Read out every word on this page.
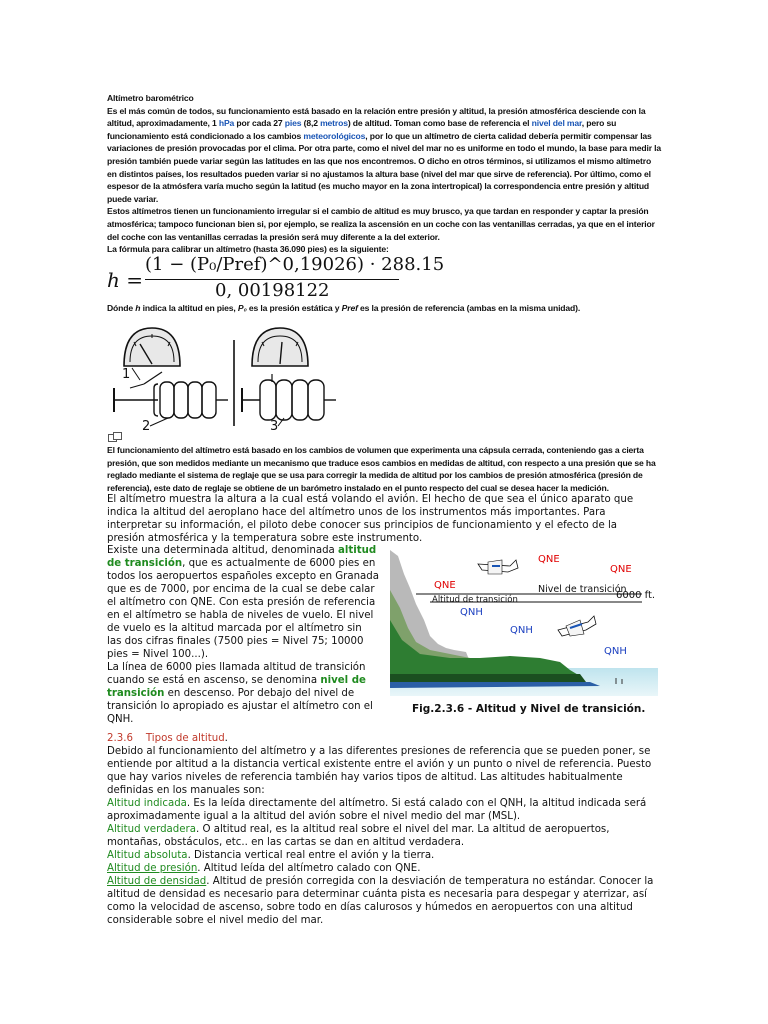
Altímetro barométrico

Es el más común de todos, su funcionamiento está basado en la relación entre presión y altitud, la presión atmosférica desciende con la altitud, aproximadamente, 1 hPa por cada 27 pies (8,2 metros) de altitud. Toman como base de referencia el nivel del mar, pero su funcionamiento está condicionado a los cambios meteorológicos, por lo que un altímetro de cierta calidad debería permitir compensar las variaciones de presión provocadas por el clima. Por otra parte, como el nivel del mar no es uniforme en todo el mundo, la base para medir la presión también puede variar según las latitudes en las que nos encontremos. O dicho en otros términos, si utilizamos el mismo altímetro en distintos países, los resultados pueden variar si no ajustamos la altura base (nivel del mar que sirve de referencia). Por último, como el espesor de la atmósfera varía mucho según la latitud (es mucho mayor en la zona intertropical) la correspondencia entre presión y altitud puede variar.

Estos altímetros tienen un funcionamiento irregular si el cambio de altitud es muy brusco, ya que tardan en responder y captar la presión atmosférica; tampoco funcionan bien si, por ejemplo, se realiza la ascensión en un coche con las ventanillas cerradas, ya que en el interior del coche con las ventanillas cerradas la presión será muy diferente a la del exterior.

La fórmula para calibrar un altímetro (hasta 36.090 pies) es la siguiente:

h =
(1 − (P₀/Pref)^0,19026) · 288.15
0, 00198122
Dónde h indica la altitud en pies, P₀ es la presión estática y Pref es la presión de referencia (ambas en la misma unidad).
1
2	3
El funcionamiento del altímetro está basado en los cambios de volumen que experimenta una cápsula cerrada, conteniendo gas a cierta presión, que son medidos mediante un mecanismo que traduce esos cambios en medidas de altitud, con respecto a una presión que se ha reglado mediante el sistema de reglaje que se usa para corregir la medida de altitud por los cambios de presión atmosférica (presión de referencia), este dato de reglaje se obtiene de un barómetro instalado en el punto respecto del cual se desea hacer la medición.
El altímetro muestra la altura a la cual está volando el avión. El hecho de que sea el único aparato que indica la altitud del aeroplano hace del altímetro unos de los instrumentos más importantes. Para interpretar su información, el piloto debe conocer sus principios de funcionamiento y el efecto de la presión atmosférica y la temperatura sobre este instrumento.

Existe una determinada altitud, denominada altitud de transición, que es actualmente de 6000 pies en todos los aeropuertos españoles excepto en Granada que es de 7000, por encima de la cual se debe calar el altímetro con QNE. Con esta presión de referencia en el altímetro se habla de niveles de vuelo. El nivel de vuelo es la altitud marcada por el altímetro sin las dos cifras finales (7500 pies = Nivel 75; 10000 pies = Nivel 100...).

La línea de 6000 pies llamada altitud de transición cuando se está en ascenso, se denomina nivel de transición en descenso. Por debajo del nivel de transición lo apropiado es ajustar el altímetro con el QNH.

QNE
QNE
QNE	Nivel de transición
Altitud de transición	6000 ft.
QNH
QNH
QNH
Fig.2.3.6 - Altitud y Nivel de transición.

2.3.6 Tipos de altitud.

Debido al funcionamiento del altímetro y a las diferentes presiones de referencia que se pueden poner, se entiende por altitud a la distancia vertical existente entre el avión y un punto o nivel de referencia. Puesto que hay varios niveles de referencia también hay varios tipos de altitud. Las altitudes habitualmente definidas en los manuales son:

Altitud indicada. Es la leída directamente del altímetro. Si está calado con el QNH, la altitud indicada será aproximadamente igual a la altitud del avión sobre el nivel medio del mar (MSL).

Altitud verdadera. O altitud real, es la altitud real sobre el nivel del mar. La altitud de aeropuertos, montañas, obstáculos, etc.. en las cartas se dan en altitud verdadera.

Altitud absoluta. Distancia vertical real entre el avión y la tierra.

Altitud de presión. Altitud leída del altímetro calado con QNE.

Altitud de densidad. Altitud de presión corregida con la desviación de temperatura no estándar. Conocer la altitud de densidad es necesario para determinar cuánta pista es necesaria para despegar y aterrizar, así como la velocidad de ascenso, sobre todo en días calurosos y húmedos en aeropuertos con una altitud considerable sobre el nivel medio del mar.
